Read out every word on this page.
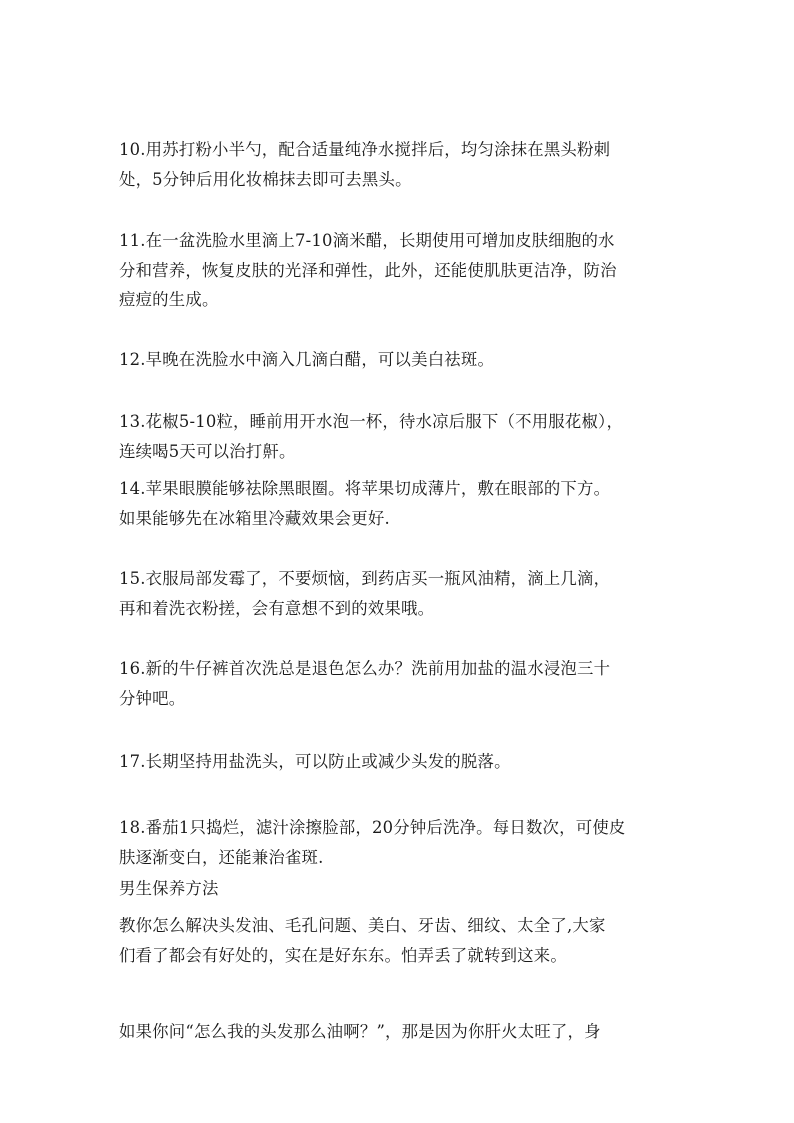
10.用苏打粉小半勺，配合适量纯净水搅拌后，均匀涂抹在黑头粉刺
处，5分钟后用化妆棉抹去即可去黑头。

11.在一盆洗脸水里滴上7-10滴米醋，长期使用可增加皮肤细胞的水
分和营养，恢复皮肤的光泽和弹性，此外，还能使肌肤更洁净，防治
痘痘的生成。

12.早晚在洗脸水中滴入几滴白醋，可以美白祛斑。

13.花椒5-10粒，睡前用开水泡一杯，待水凉后服下（不用服花椒），
连续喝5天可以治打鼾。

14.苹果眼膜能够祛除黑眼圈。将苹果切成薄片，敷在眼部的下方。
如果能够先在冰箱里冷藏效果会更好.

15.衣服局部发霉了，不要烦恼，到药店买一瓶风油精，滴上几滴，
再和着洗衣粉搓，会有意想不到的效果哦。

16.新的牛仔裤首次洗总是退色怎么办？洗前用加盐的温水浸泡三十
分钟吧。

17.长期坚持用盐洗头，可以防止或减少头发的脱落。

18.番茄1只捣烂，滤汁涂擦脸部，20分钟后洗净。每日数次，可使皮
肤逐渐变白，还能兼治雀斑.

男生保养方法

教你怎么解决头发油、毛孔问题、美白、牙齿、细纹、太全了,大家
们看了都会有好处的，实在是好东东。怕弄丢了就转到这来。

如果你问“怎么我的头发那么油啊？”，那是因为你肝火太旺了，身
